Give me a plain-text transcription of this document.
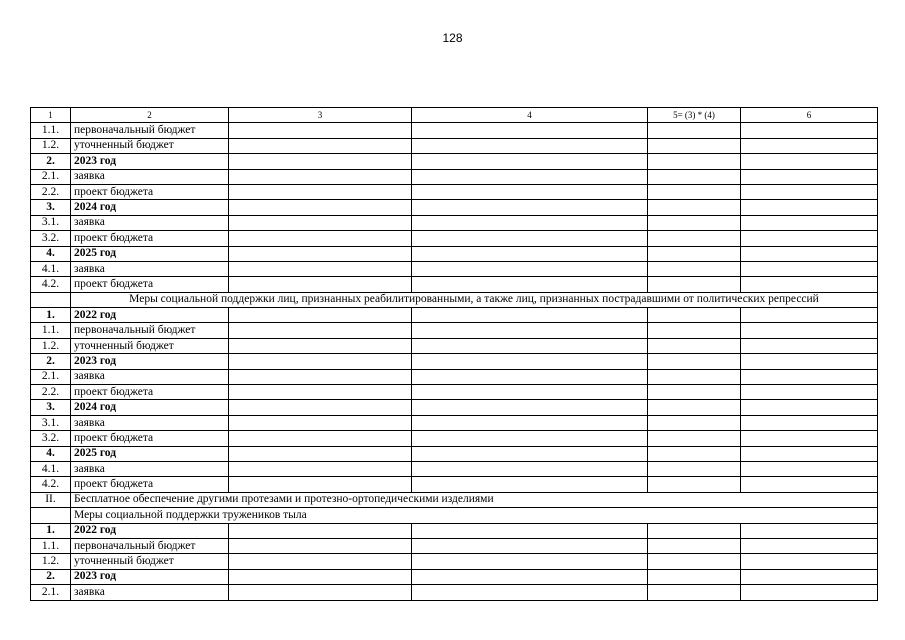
128
1	2	3	4	5= (3) * (4)	6
1.1.	первоначальный бюджет				
1.2.	уточненный бюджет				
2.	2023 год				
2.1.	заявка				
2.2.	проект бюджета				
3.	2024 год				
3.1.	заявка				
3.2.	проект бюджета				
4.	2025 год				
4.1.	заявка				
4.2.	проект бюджета				
	Меры социальной поддержки лиц, признанных реабилитированными, а также лиц, признанных пострадавшими от политических репрессий				
1.	2022 год				
1.1.	первоначальный бюджет				
1.2.	уточненный бюджет				
2.	2023 год				
2.1.	заявка				
2.2.	проект бюджета				
3.	2024 год				
3.1.	заявка				
3.2.	проект бюджета				
4.	2025 год				
4.1.	заявка				
4.2.	проект бюджета				
II.	Бесплатное обеспечение другими протезами и протезно-ортопедическими изделиями				
	Меры социальной поддержки тружеников тыла				
1.	2022 год				
1.1.	первоначальный бюджет				
1.2.	уточненный бюджет				
2.	2023 год				
2.1.	заявка				
